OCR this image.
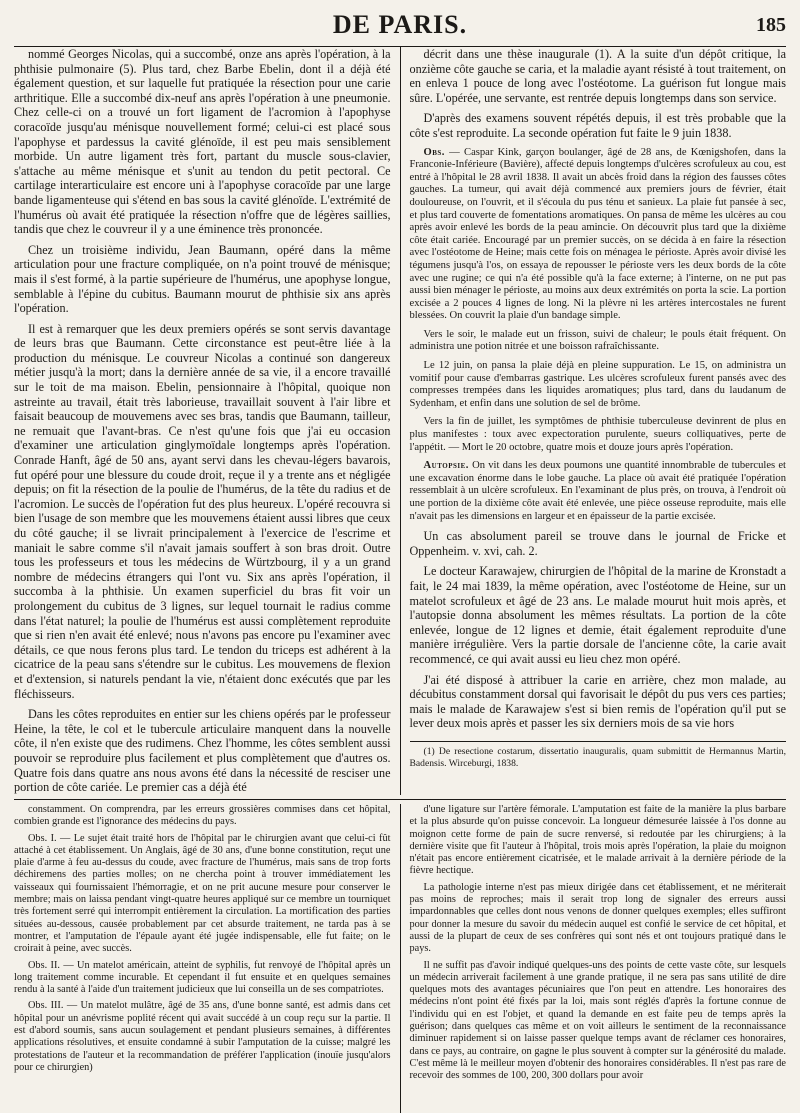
DE PARIS.	185

nommé Georges Nicolas, qui a succombé, onze ans après l'opération, à la phthisie pulmonaire (5). Plus tard, chez Barbe Ebelin, dont il a déjà été également question, et sur laquelle fut pratiquée la résection pour une carie arthritique. Elle a succombé dix-neuf ans après l'opération à une pneumonie. Chez celle-ci on a trouvé un fort ligament de l'acromion à l'apophyse coracoïde jusqu'au ménisque nouvellement formé; celui-ci est placé sous l'apophyse et pardessus la cavité glénoïde, il est peu mais sensiblement morbide. Un autre ligament très fort, partant du muscle sous-clavier, s'attache au même ménisque et s'unit au tendon du petit pectoral. Ce cartilage interarticulaire est encore uni à l'apophyse coracoïde par une large bande ligamenteuse qui s'étend en bas sous la cavité glénoïde. L'extrémité de l'humérus où avait été pratiquée la résection n'offre que de légères saillies, tandis que chez le couvreur il y a une éminence très prononcée.

Chez un troisième individu, Jean Baumann, opéré dans la même articulation pour une fracture compliquée, on n'a point trouvé de ménisque; mais il s'est formé, à la partie supérieure de l'humérus, une apophyse longue, semblable à l'épine du cubitus. Baumann mourut de phthisie six ans après l'opération.

Il est à remarquer que les deux premiers opérés se sont servis davantage de leurs bras que Baumann. Cette circonstance est peut-être liée à la production du ménisque. Le couvreur Nicolas a continué son dangereux métier jusqu'à la mort; dans la dernière année de sa vie, il a encore travaillé sur le toit de ma maison. Ebelin, pensionnaire à l'hôpital, quoique non astreinte au travail, était très laborieuse, travaillait souvent à l'air libre et faisait beaucoup de mouvemens avec ses bras, tandis que Baumann, tailleur, ne remuait que l'avant-bras. Ce n'est qu'une fois que j'ai eu occasion d'examiner une articulation ginglymoïdale longtemps après l'opération. Conrade Hanft, âgé de 50 ans, ayant servi dans les chevau-légers bavarois, fut opéré pour une blessure du coude droit, reçue il y a trente ans et négligée depuis; on fit la résection de la poulie de l'humérus, de la tête du radius et de l'acromion. Le succès de l'opération fut des plus heureux. L'opéré recouvra si bien l'usage de son membre que les mouvemens étaient aussi libres que ceux du côté gauche; il se livrait principalement à l'exercice de l'escrime et maniait le sabre comme s'il n'avait jamais souffert à son bras droit. Outre tous les professeurs et tous les médecins de Würtzbourg, il y a un grand nombre de médecins étrangers qui l'ont vu. Six ans après l'opération, il succomba à la phthisie. Un examen superficiel du bras fit voir un prolongement du cubitus de 3 lignes, sur lequel tournait le radius comme dans l'état naturel; la poulie de l'humérus est aussi complètement reproduite que si rien n'en avait été enlevé; nous n'avons pas encore pu l'examiner avec détails, ce que nous ferons plus tard. Le tendon du triceps est adhérent à la cicatrice de la peau sans s'étendre sur le cubitus. Les mouvemens de flexion et d'extension, si naturels pendant la vie, n'étaient donc exécutés que par les fléchisseurs.

Dans les côtes reproduites en entier sur les chiens opérés par le professeur Heine, la tête, le col et le tubercule articulaire manquent dans la nouvelle côte, il n'en existe que des rudimens. Chez l'homme, les côtes semblent aussi pouvoir se reproduire plus facilement et plus complètement que d'autres os. Quatre fois dans quatre ans nous avons été dans la nécessité de resciser une portion de côte cariée. Le premier cas a déjà été

décrit dans une thèse inaugurale (1). A la suite d'un dépôt critique, la onzième côte gauche se caria, et la maladie ayant résisté à tout traitement, on en enleva 1 pouce de long avec l'ostéotome. La guérison fut longue mais sûre. L'opérée, une servante, est rentrée depuis longtemps dans son service.

D'après des examens souvent répétés depuis, il est très probable que la côte s'est reproduite. La seconde opération fut faite le 9 juin 1838.

Obs. — Caspar Kink, garçon boulanger, âgé de 28 ans, de Kœnigshofen, dans la Franconie-Inférieure (Bavière), affecté depuis longtemps d'ulcères scrofuleux au cou, est entré à l'hôpital le 28 avril 1838. Il avait un abcès froid dans la région des fausses côtes gauches. La tumeur, qui avait déjà commencé aux premiers jours de février, était douloureuse, on l'ouvrit, et il s'écoula du pus ténu et sanieux. La plaie fut pansée à sec, et plus tard couverte de fomentations aromatiques. On pansa de même les ulcères au cou après avoir enlevé les bords de la peau amincie. On découvrit plus tard que la dixième côte était cariée. Encouragé par un premier succès, on se décida à en faire la résection avec l'ostéotome de Heine; mais cette fois on ménagea le périoste. Après avoir divisé les tégumens jusqu'à l'os, on essaya de repousser le périoste vers les deux bords de la côte avec une rugine; ce qui n'a été possible qu'à la face externe; à l'interne, on ne put pas aussi bien ménager le périoste, au moins aux deux extrémités on porta la scie. La portion excisée a 2 pouces 4 lignes de long. Ni la plèvre ni les artères intercostales ne furent blessées. On couvrit la plaie d'un bandage simple.

Vers le soir, le malade eut un frisson, suivi de chaleur; le pouls était fréquent. On administra une potion nitrée et une boisson rafraîchissante.

Le 12 juin, on pansa la plaie déjà en pleine suppuration. Le 15, on administra un vomitif pour cause d'embarras gastrique. Les ulcères scrofuleux furent pansés avec des compresses trempées dans les liquides aromatiques; plus tard, dans du laudanum de Sydenham, et enfin dans une solution de sel de brôme.

Vers la fin de juillet, les symptômes de phthisie tuberculeuse devinrent de plus en plus manifestes : toux avec expectoration purulente, sueurs colliquatives, perte de l'appétit. — Mort le 20 octobre, quatre mois et douze jours après l'opération.

Autopsie. On vit dans les deux poumons une quantité innombrable de tubercules et une excavation énorme dans le lobe gauche. La place où avait été pratiquée l'opération ressemblait à un ulcère scrofuleux. En l'examinant de plus près, on trouva, à l'endroit où une portion de la dixième côte avait été enlevée, une pièce osseuse reproduite, mais elle n'avait pas les dimensions en largeur et en épaisseur de la partie excisée.

Un cas absolument pareil se trouve dans le journal de Fricke et Oppenheim. v. xvi, cah. 2.

Le docteur Karawajew, chirurgien de l'hôpital de la marine de Kronstadt a fait, le 24 mai 1839, la même opération, avec l'ostéotome de Heine, sur un matelot scrofuleux et âgé de 23 ans. Le malade mourut huit mois après, et l'autopsie donna absolument les mêmes résultats. La portion de la côte enlevée, longue de 12 lignes et demie, était également reproduite d'une manière irrégulière. Vers la partie dorsale de l'ancienne côte, la carie avait recommencé, ce qui avait aussi eu lieu chez mon opéré.

J'ai été disposé à attribuer la carie en arrière, chez mon malade, au décubitus constamment dorsal qui favorisait le dépôt du pus vers ces parties; mais le malade de Karawajew s'est si bien remis de l'opération qu'il put se lever deux mois après et passer les six derniers mois de sa vie hors

(1) De resectione costarum, dissertatio inauguralis, quam submittit de Hermannus Martin, Badensis. Wirceburgi, 1838.

constamment. On comprendra, par les erreurs grossières commises dans cet hôpital, combien grande est l'ignorance des médecins du pays.

Obs. I. — Le sujet était traité hors de l'hôpital par le chirurgien avant que celui-ci fût attaché à cet établissement. Un Anglais, âgé de 30 ans, d'une bonne constitution, reçut une plaie d'arme à feu au-dessus du coude, avec fracture de l'humérus, mais sans de trop forts déchiremens des parties molles; on ne chercha point à trouver immédiatement les vaisseaux qui fournissaient l'hémorragie, et on ne prit aucune mesure pour conserver le membre; mais on laissa pendant vingt-quatre heures appliqué sur ce membre un tourniquet très fortement serré qui interrompit entièrement la circulation. La mortification des parties situées au-dessous, causée probablement par cet absurde traitement, ne tarda pas à se montrer, et l'amputation de l'épaule ayant été jugée indispensable, elle fut faite; on le croirait à peine, avec succès.

Obs. II. — Un matelot américain, atteint de syphilis, fut renvoyé de l'hôpital après un long traitement comme incurable. Et cependant il fut ensuite et en quelques semaines rendu à la santé à l'aide d'un traitement judicieux que lui conseilla un de ses compatriotes.

Obs. III. — Un matelot mulâtre, âgé de 35 ans, d'une bonne santé, est admis dans cet hôpital pour un anévrisme poplité récent qui avait succédé à un coup reçu sur la partie. Il est d'abord soumis, sans aucun soulagement et pendant plusieurs semaines, à différentes applications résolutives, et ensuite condamné à subir l'amputation de la cuisse; malgré les protestations de l'auteur et la recommandation de préférer l'application (inouïe jusqu'alors pour ce chirurgien)

d'une ligature sur l'artère fémorale. L'amputation est faite de la manière la plus barbare et la plus absurde qu'on puisse concevoir. La longueur démesurée laissée à l'os donne au moignon cette forme de pain de sucre renversé, si redoutée par les chirurgiens; à la dernière visite que fit l'auteur à l'hôpital, trois mois après l'opération, la plaie du moignon n'était pas encore entièrement cicatrisée, et le malade arrivait à la dernière période de la fièvre hectique.

La pathologie interne n'est pas mieux dirigée dans cet établissement, et ne mériterait pas moins de reproches; mais il serait trop long de signaler des erreurs aussi impardonnables que celles dont nous venons de donner quelques exemples; elles suffiront pour donner la mesure du savoir du médecin auquel est confié le service de cet hôpital, et aussi de la plupart de ceux de ses confrères qui sont nés et ont toujours pratiqué dans le pays.

Il ne suffit pas d'avoir indiqué quelques-uns des points de cette vaste côte, sur lesquels un médecin arriverait facilement à une grande pratique, il ne sera pas sans utilité de dire quelques mots des avantages pécuniaires que l'on peut en attendre. Les honoraires des médecins n'ont point été fixés par la loi, mais sont réglés d'après la fortune connue de l'individu qui en est l'objet, et quand la demande en est faite peu de temps après la guérison; dans quelques cas même et on voit ailleurs le sentiment de la reconnaissance diminuer rapidement si on laisse passer quelque temps avant de réclamer ces honoraires, dans ce pays, au contraire, on gagne le plus souvent à compter sur la générosité du malade. C'est même là le meilleur moyen d'obtenir des honoraires considérables. Il n'est pas rare de recevoir des sommes de 100, 200, 300 dollars pour avoir
